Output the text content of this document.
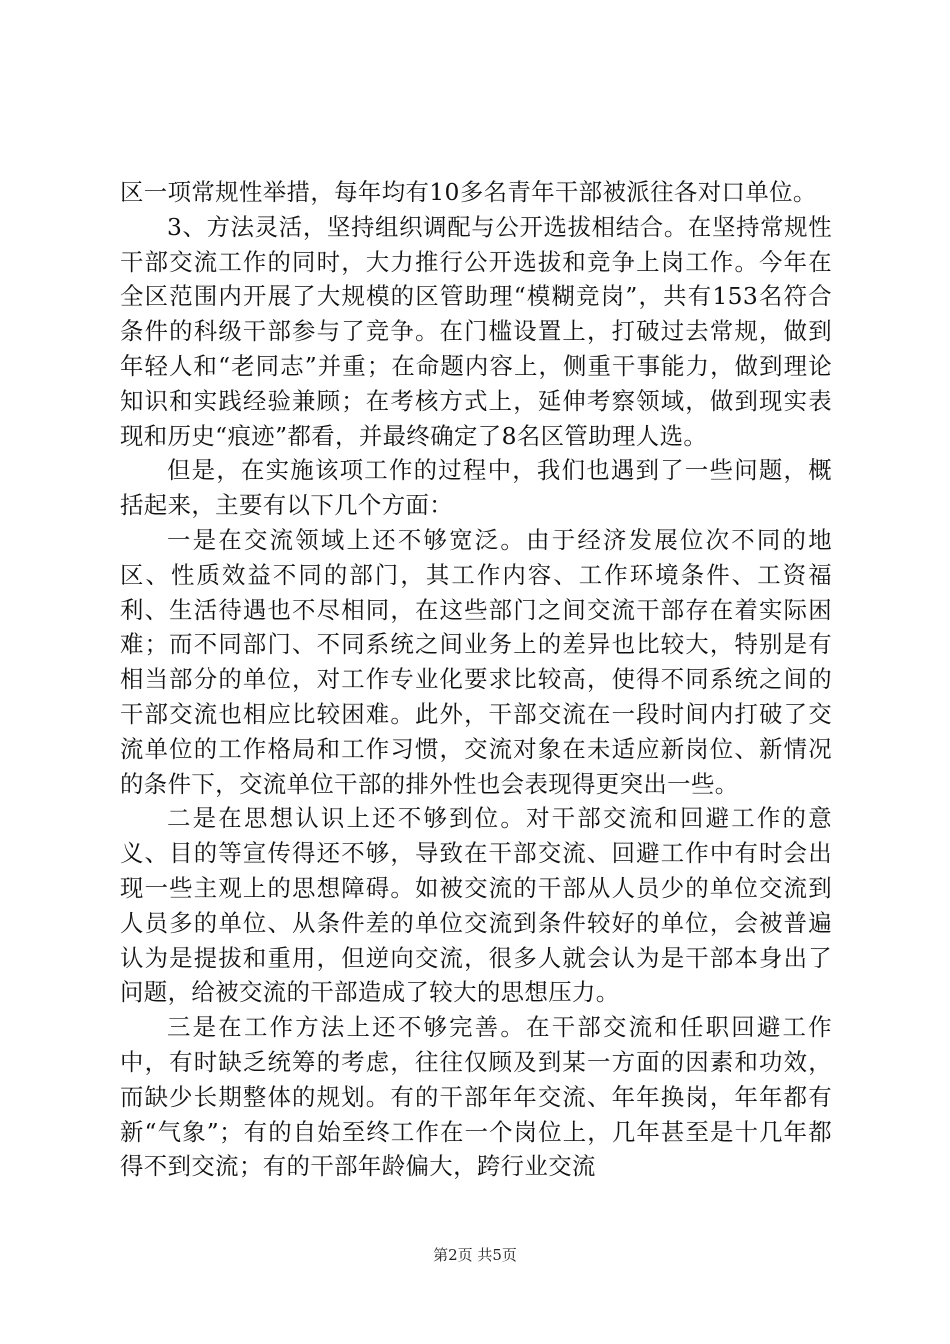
区一项常规性举措，每年均有10多名青年干部被派往各对口单位。

3、方法灵活，坚持组织调配与公开选拔相结合。在坚持常规性干部交流工作的同时，大力推行公开选拔和竞争上岗工作。今年在全区范围内开展了大规模的区管助理“模糊竞岗”，共有153名符合条件的科级干部参与了竞争。在门槛设置上，打破过去常规，做到年轻人和“老同志”并重；在命题内容上，侧重干事能力，做到理论知识和实践经验兼顾；在考核方式上，延伸考察领域，做到现实表现和历史“痕迹”都看，并最终确定了8名区管助理人选。

但是，在实施该项工作的过程中，我们也遇到了一些问题，概括起来，主要有以下几个方面：

一是在交流领域上还不够宽泛。由于经济发展位次不同的地区、性质效益不同的部门，其工作内容、工作环境条件、工资福利、生活待遇也不尽相同，在这些部门之间交流干部存在着实际困难；而不同部门、不同系统之间业务上的差异也比较大，特别是有相当部分的单位，对工作专业化要求比较高，使得不同系统之间的干部交流也相应比较困难。此外，干部交流在一段时间内打破了交流单位的工作格局和工作习惯，交流对象在未适应新岗位、新情况的条件下，交流单位干部的排外性也会表现得更突出一些。

二是在思想认识上还不够到位。对干部交流和回避工作的意义、目的等宣传得还不够，导致在干部交流、回避工作中有时会出现一些主观上的思想障碍。如被交流的干部从人员少的单位交流到人员多的单位、从条件差的单位交流到条件较好的单位，会被普遍认为是提拔和重用，但逆向交流，很多人就会认为是干部本身出了问题，给被交流的干部造成了较大的思想压力。

三是在工作方法上还不够完善。在干部交流和任职回避工作中，有时缺乏统筹的考虑，往往仅顾及到某一方面的因素和功效，而缺少长期整体的规划。有的干部年年交流、年年换岗，年年都有新“气象”；有的自始至终工作在一个岗位上，几年甚至是十几年都得不到交流；有的干部年龄偏大，跨行业交流

第2页 共5页
